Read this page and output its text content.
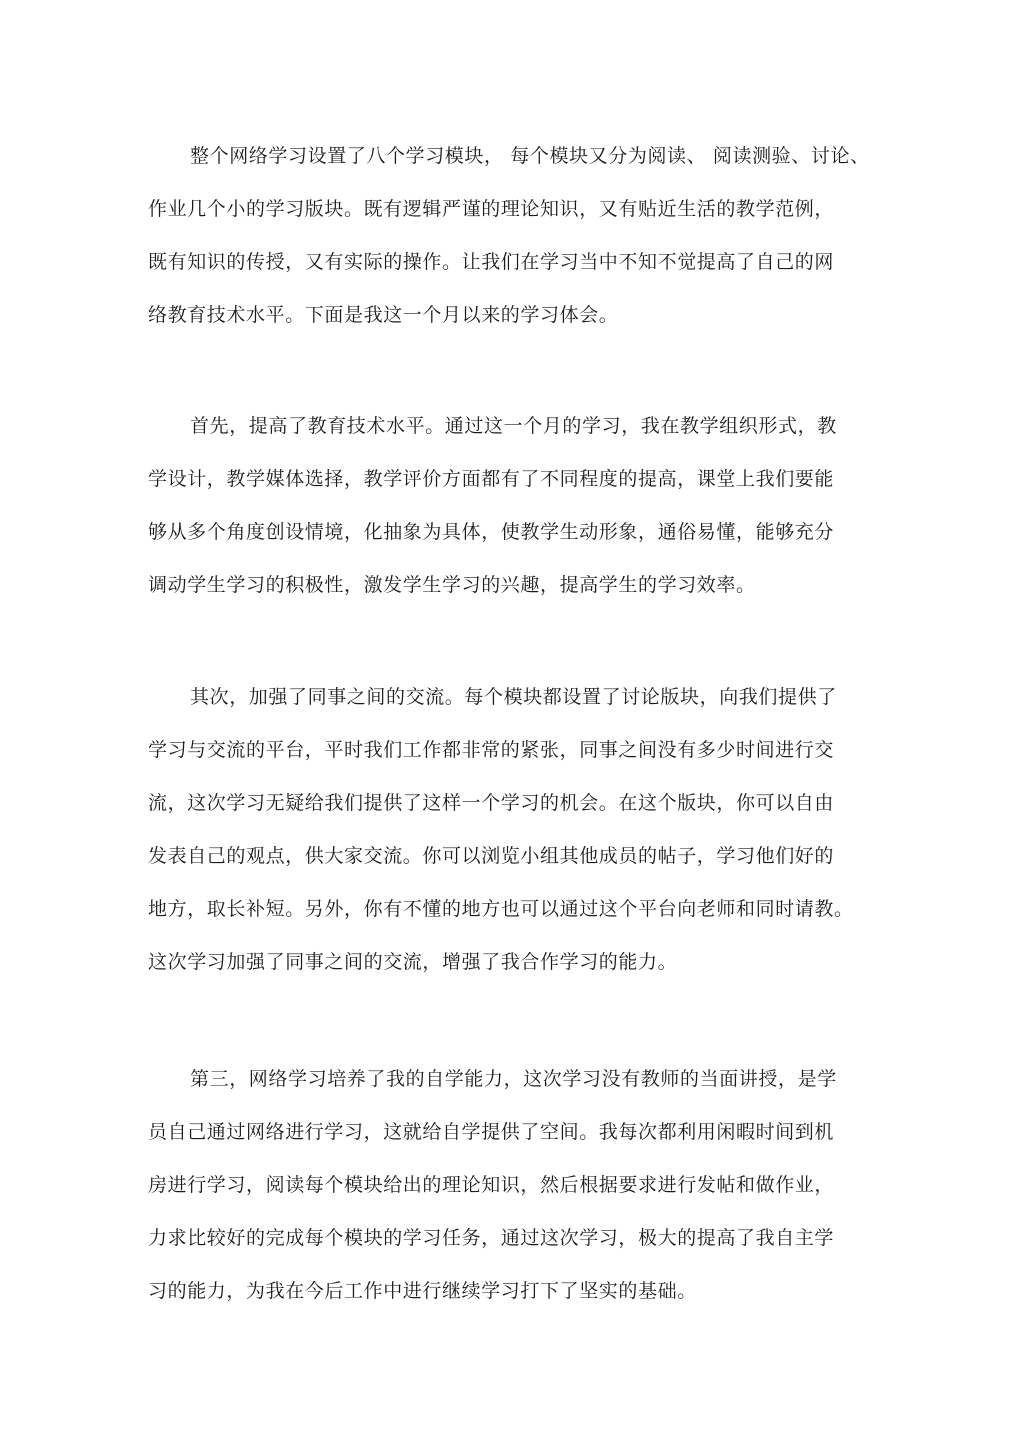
整个网络学习设置了八个学习模块， 每个模块又分为阅读、 阅读测验、讨论、
作业几个小的学习版块。既有逻辑严谨的理论知识，又有贴近生活的教学范例，
既有知识的传授，又有实际的操作。让我们在学习当中不知不觉提高了自己的网
络教育技术水平。下面是我这一个月以来的学习体会。
首先，提高了教育技术水平。通过这一个月的学习，我在教学组织形式，教
学设计，教学媒体选择，教学评价方面都有了不同程度的提高，课堂上我们要能
够从多个角度创设情境，化抽象为具体，使教学生动形象，通俗易懂，能够充分
调动学生学习的积极性，激发学生学习的兴趣，提高学生的学习效率。
其次，加强了同事之间的交流。每个模块都设置了讨论版块，向我们提供了
学习与交流的平台，平时我们工作都非常的紧张，同事之间没有多少时间进行交
流，这次学习无疑给我们提供了这样一个学习的机会。在这个版块，你可以自由
发表自己的观点，供大家交流。你可以浏览小组其他成员的帖子，学习他们好的
地方，取长补短。另外，你有不懂的地方也可以通过这个平台向老师和同时请教。
这次学习加强了同事之间的交流，增强了我合作学习的能力。
第三，网络学习培养了我的自学能力，这次学习没有教师的当面讲授，是学
员自己通过网络进行学习，这就给自学提供了空间。我每次都利用闲暇时间到机
房进行学习，阅读每个模块给出的理论知识，然后根据要求进行发帖和做作业，
力求比较好的完成每个模块的学习任务，通过这次学习，极大的提高了我自主学
习的能力，为我在今后工作中进行继续学习打下了坚实的基础。
